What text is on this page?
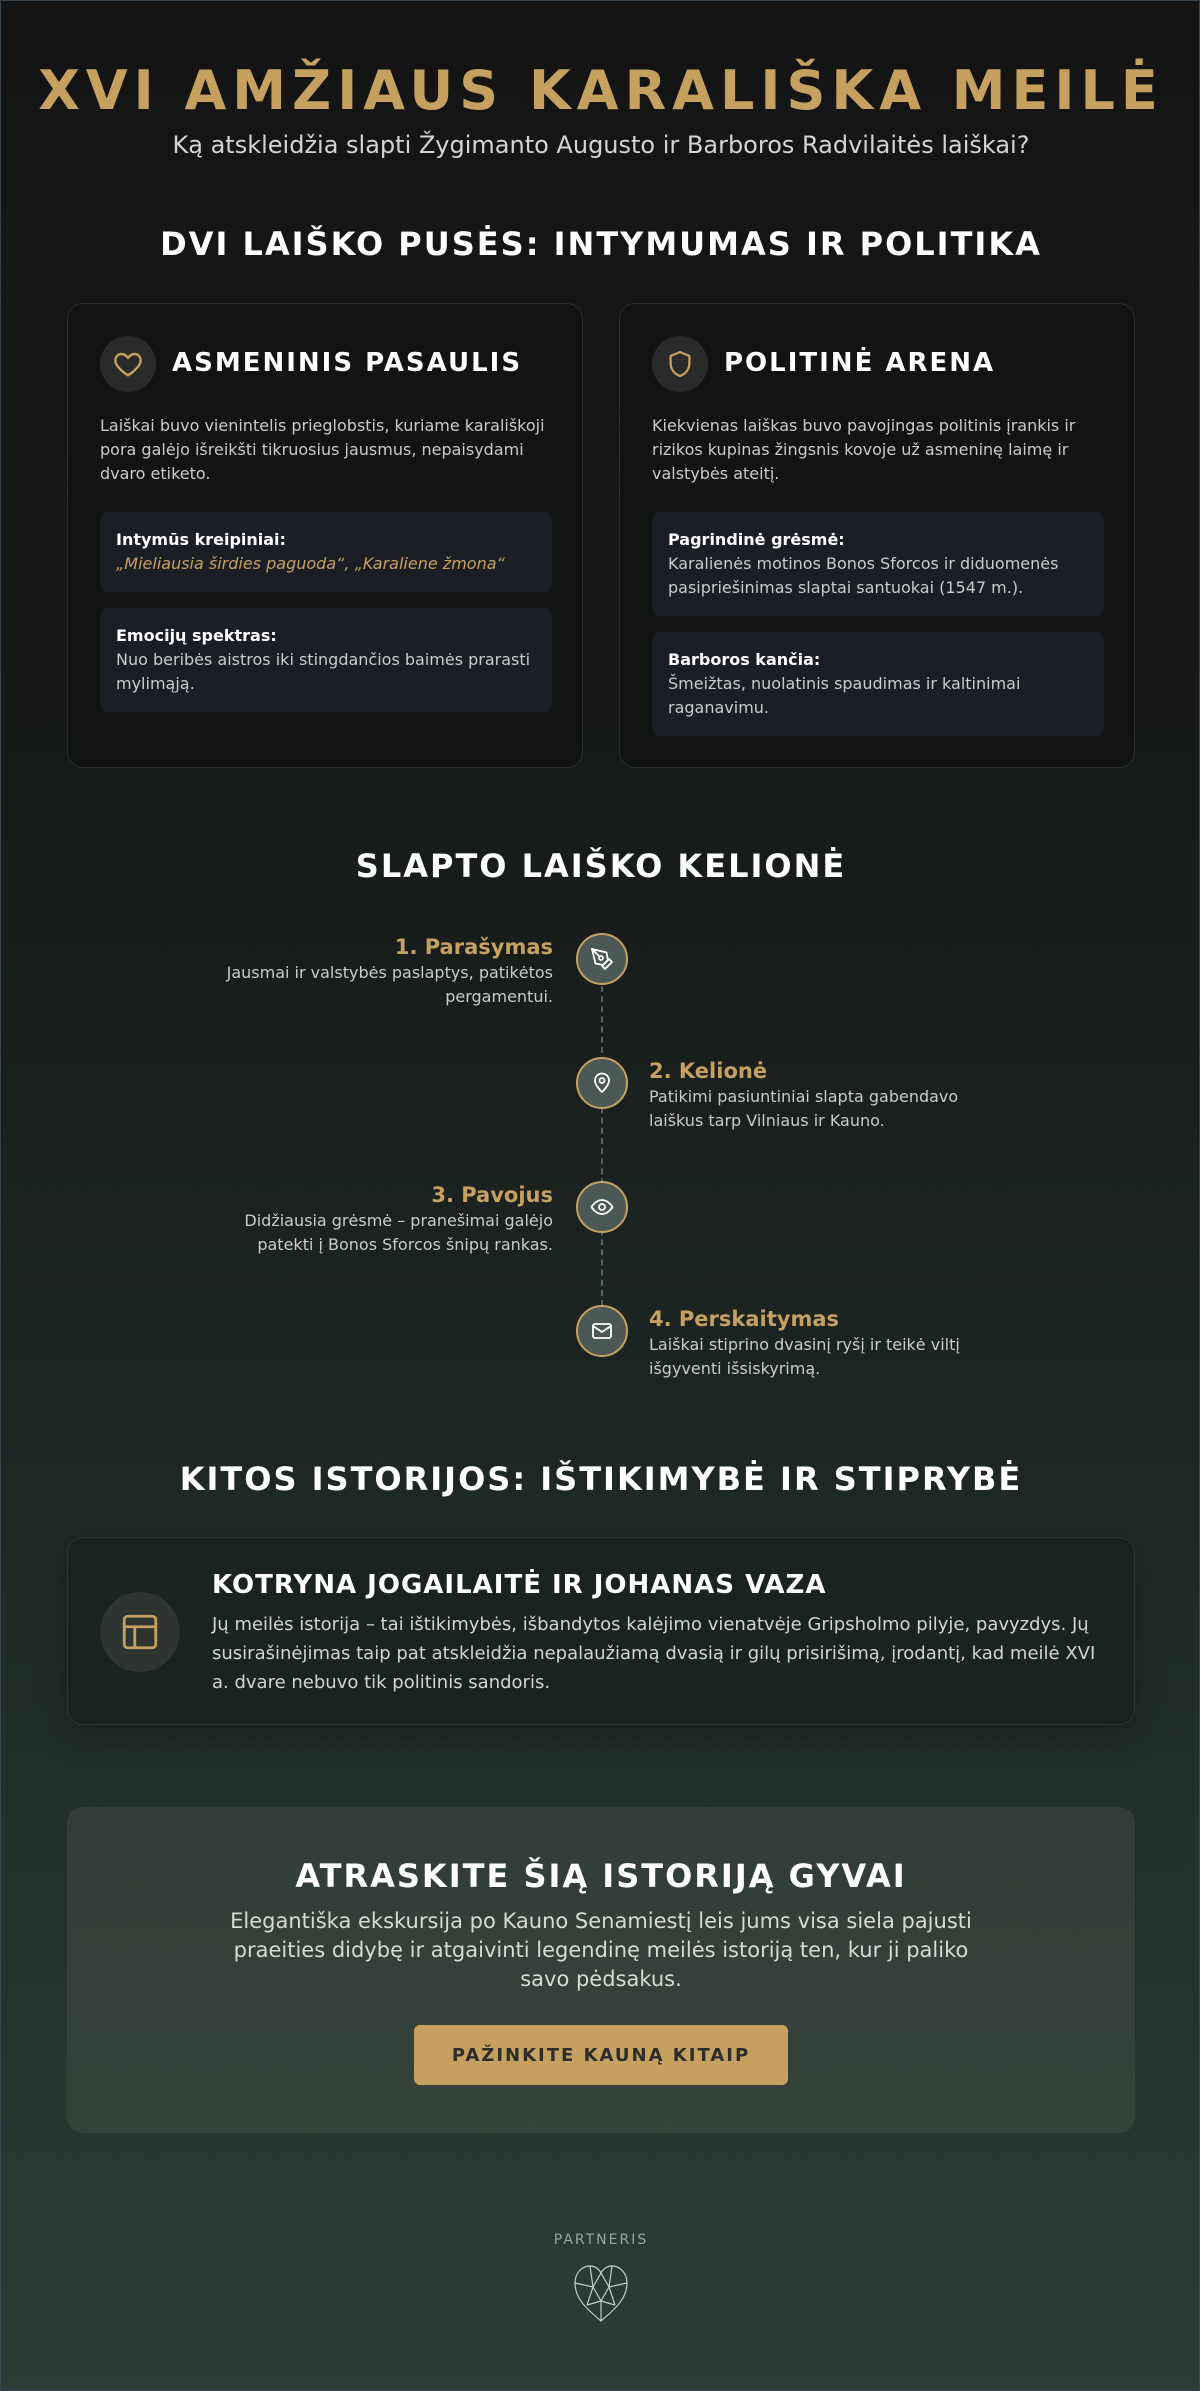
XVI AMŽIAUS KARALIŠKA MEILĖ
Ką atskleidžia slapti Žygimanto Augusto ir Barboros Radvilaitės laiškai?
DVI LAIŠKO PUSĖS: INTYMUMAS IR POLITIKA
ASMENINIS PASAULIS

Laiškai buvo vienintelis prieglobstis, kuriame karališkoji pora galėjo išreikšti tikruosius jausmus, nepaisydami dvaro etiketo.

Intymūs kreipiniai:
„Mieliausia širdies paguoda“, „Karaliene žmona“
Emocijų spektras:
Nuo beribės aistros iki stingdančios baimės prarasti mylimąją.
POLITINĖ ARENA

Kiekvienas laiškas buvo pavojingas politinis įrankis ir rizikos kupinas žingsnis kovoje už asmeninę laimę ir valstybės ateitį.

Pagrindinė grėsmė:
Karalienės motinos Bonos Sforcos ir diduomenės pasipriešinimas slaptai santuokai (1547 m.).
Barboros kančia:
Šmeižtas, nuolatinis spaudimas ir kaltinimai raganavimu.
SLAPTO LAIŠKO KELIONĖ
1. Parašymas
Jausmai ir valstybės paslaptys, patikėtos pergamentui.
2. Kelionė
Patikimi pasiuntiniai slapta gabendavo laiškus tarp Vilniaus ir Kauno.
3. Pavojus
Didžiausia grėsmė – pranešimai galėjo patekti į Bonos Sforcos šnipų rankas.
4. Perskaitymas
Laiškai stiprino dvasinį ryšį ir teikė viltį išgyventi išsiskyrimą.
KITOS ISTORIJOS: IŠTIKIMYBĖ IR STIPRYBĖ
KOTRYNA JOGAILAITĖ IR JOHANAS VAZA

Jų meilės istorija – tai ištikimybės, išbandytos kalėjimo vienatvėje Gripsholmo pilyje, pavyzdys. Jų susirašinėjimas taip pat atskleidžia nepalaužiamą dvasią ir gilų prisirišimą, įrodantį, kad meilė XVI a. dvare nebuvo tik politinis sandoris.

ATRASKITE ŠIĄ ISTORIJĄ GYVAI

Elegantiška ekskursija po Kauno Senamiestį leis jums visa siela pajusti praeities didybę ir atgaivinti legendinę meilės istoriją ten, kur ji paliko savo pėdsakus.

PAŽINKITE KAUNĄ KITAIP
PARTNERIS
